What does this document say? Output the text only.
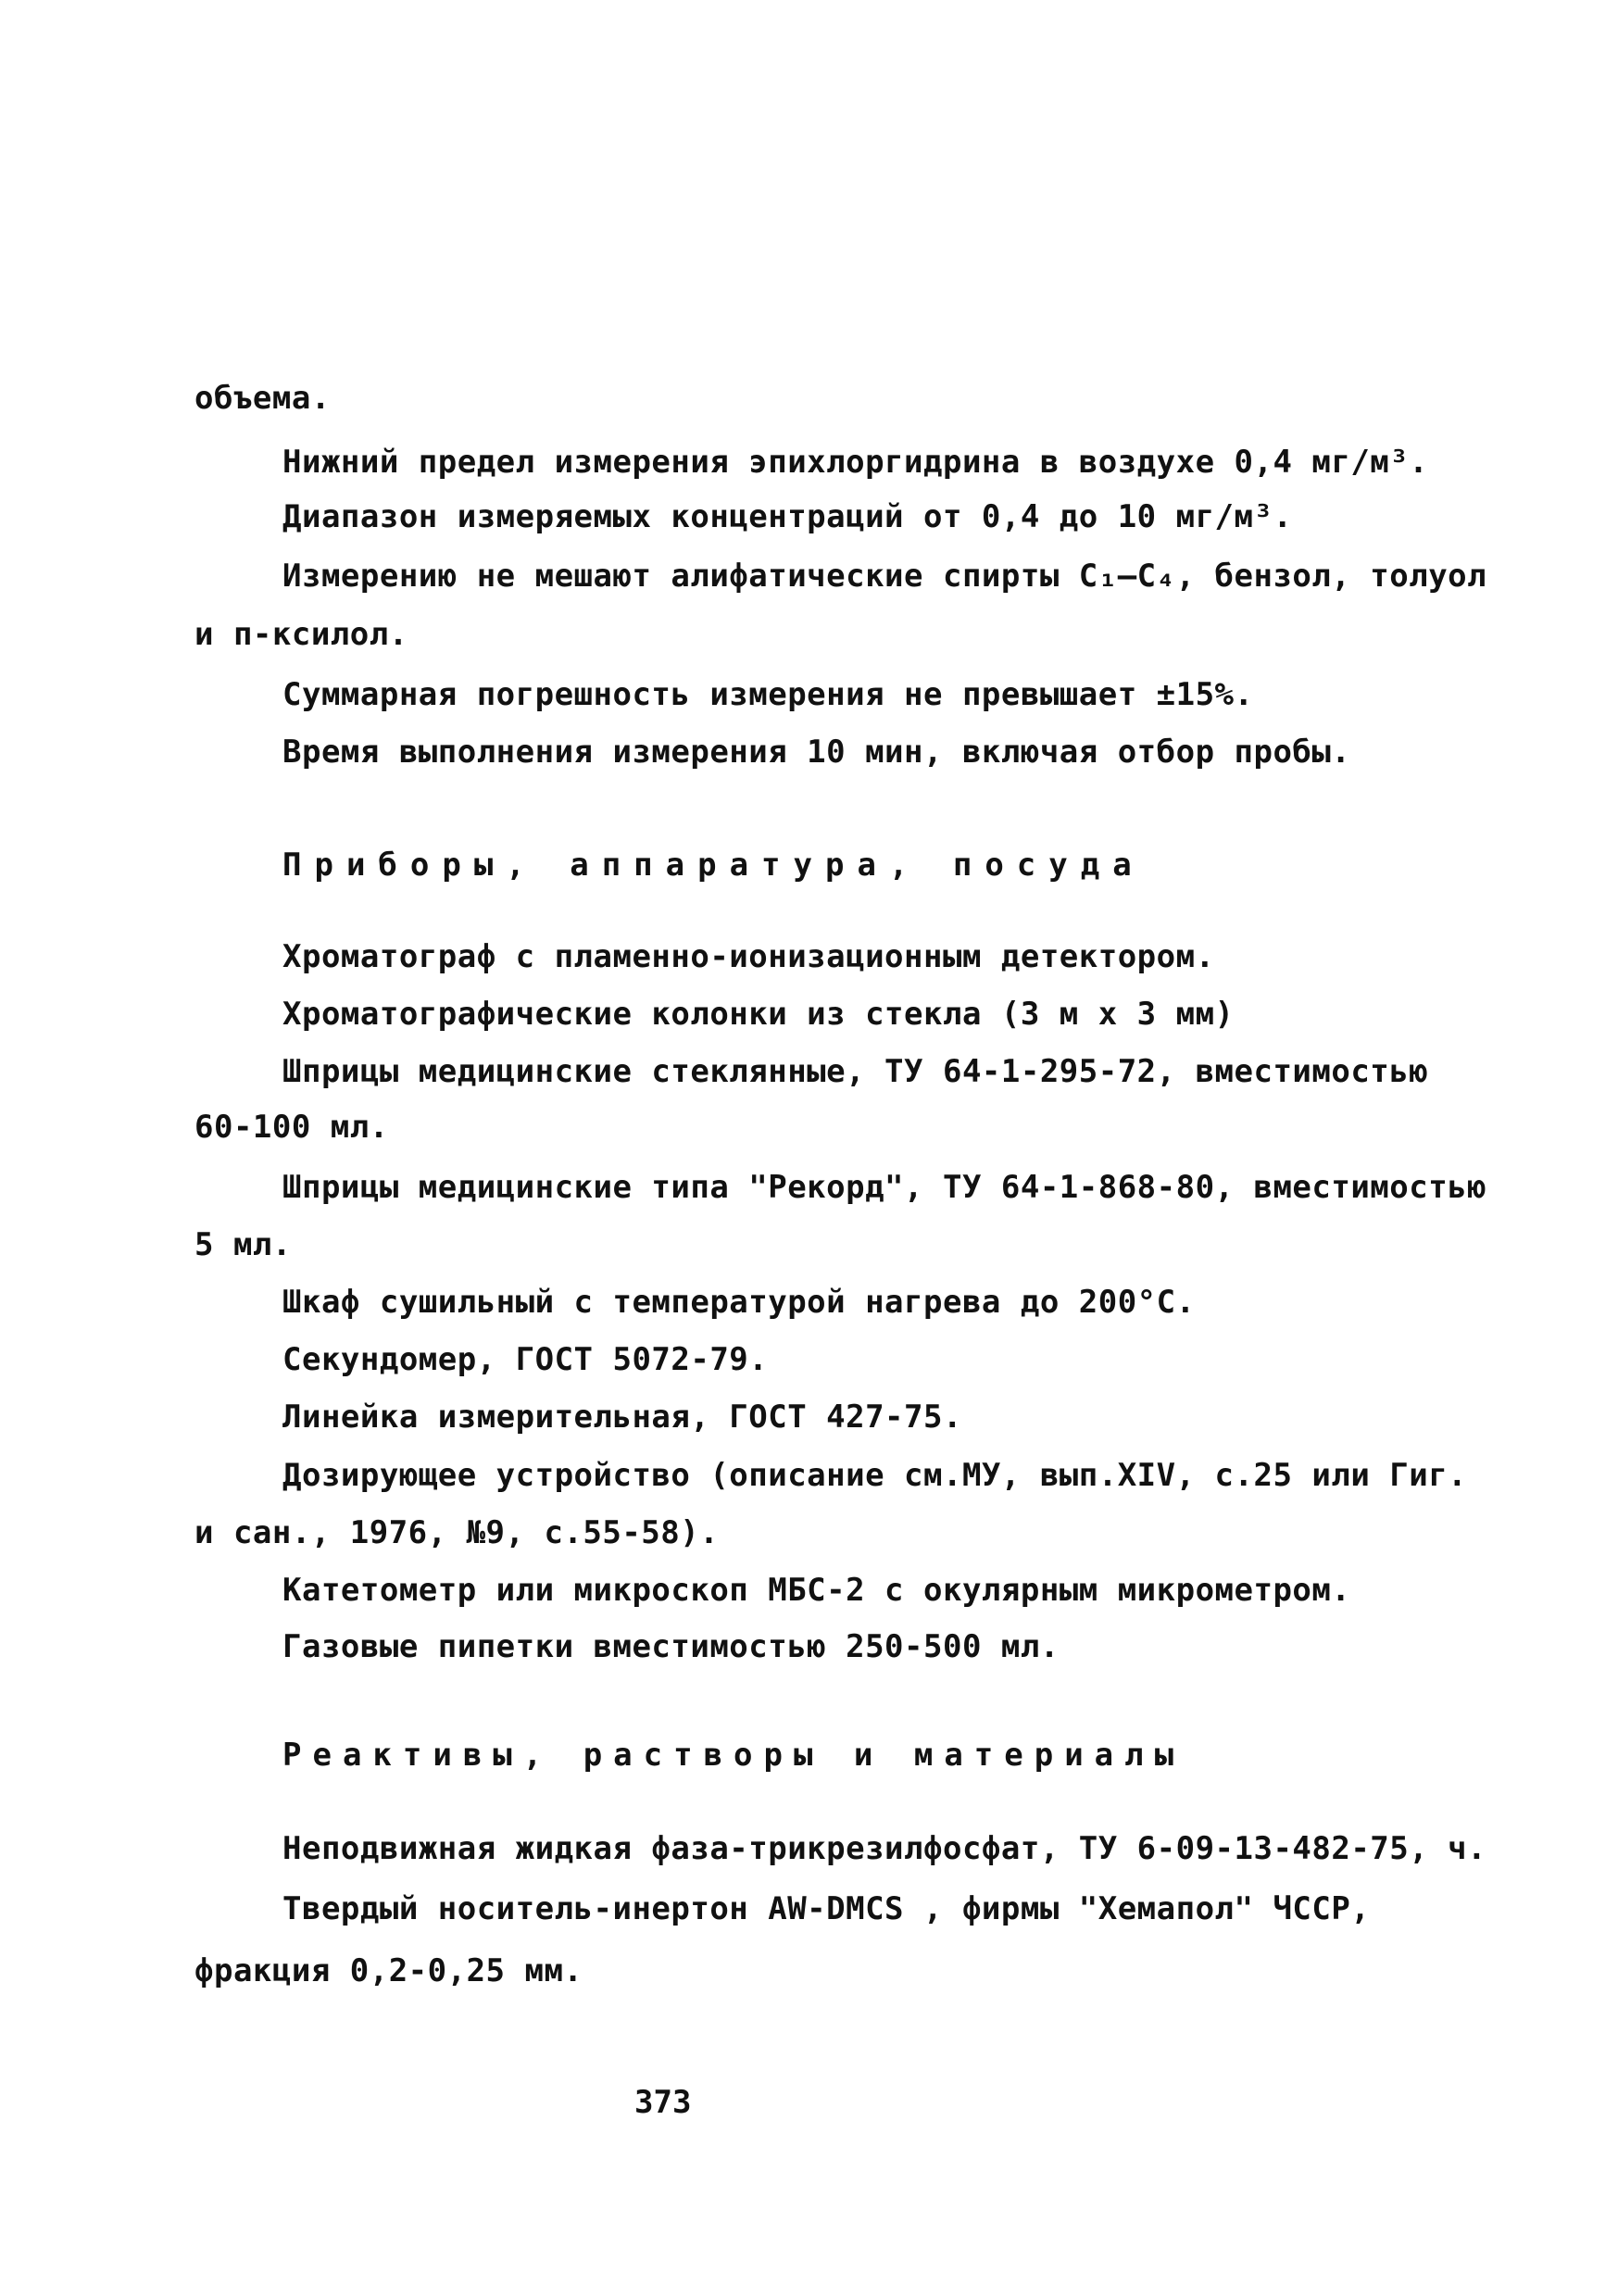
объема.
Нижний предел измерения эпихлоргидрина в воздухе 0,4 мг/м³.
Диапазон измеряемых концентраций от 0,4 до 10 мг/м³.
Измерению не мешают алифатические спирты C₁–C₄, бензол, толуол
и п-ксилол.
Суммарная погрешность измерения не превышает ±15%.
Время выполнения измерения 10 мин, включая отбор пробы.
Приборы, аппаратура, посуда
Хроматограф с пламенно-ионизационным детектором.
Хроматографические колонки из стекла (3 м x 3 мм)
Шприцы медицинские стеклянные, ТУ 64-1-295-72, вместимостью
60-100 мл.
Шприцы медицинские типа "Рекорд", ТУ 64-1-868-80, вместимостью
5 мл.
Шкаф сушильный с температурой нагрева до 200°C.
Секундомер, ГОСТ 5072-79.
Линейка измерительная, ГОСТ 427-75.
Дозирующее устройство (описание см.МУ, вып.XIV, с.25 или Гиг.
и сан., 1976, №9, с.55-58).
Катетометр или микроскоп МБС-2 с окулярным микрометром.
Газовые пипетки вместимостью 250-500 мл.
Реактивы, растворы и материалы
Неподвижная жидкая фаза-трикрезилфосфат, ТУ 6-09-13-482-75, ч.
Твердый носитель-инертон AW-DMCS , фирмы "Хемапол" ЧССР,
фракция 0,2-0,25 мм.
373
